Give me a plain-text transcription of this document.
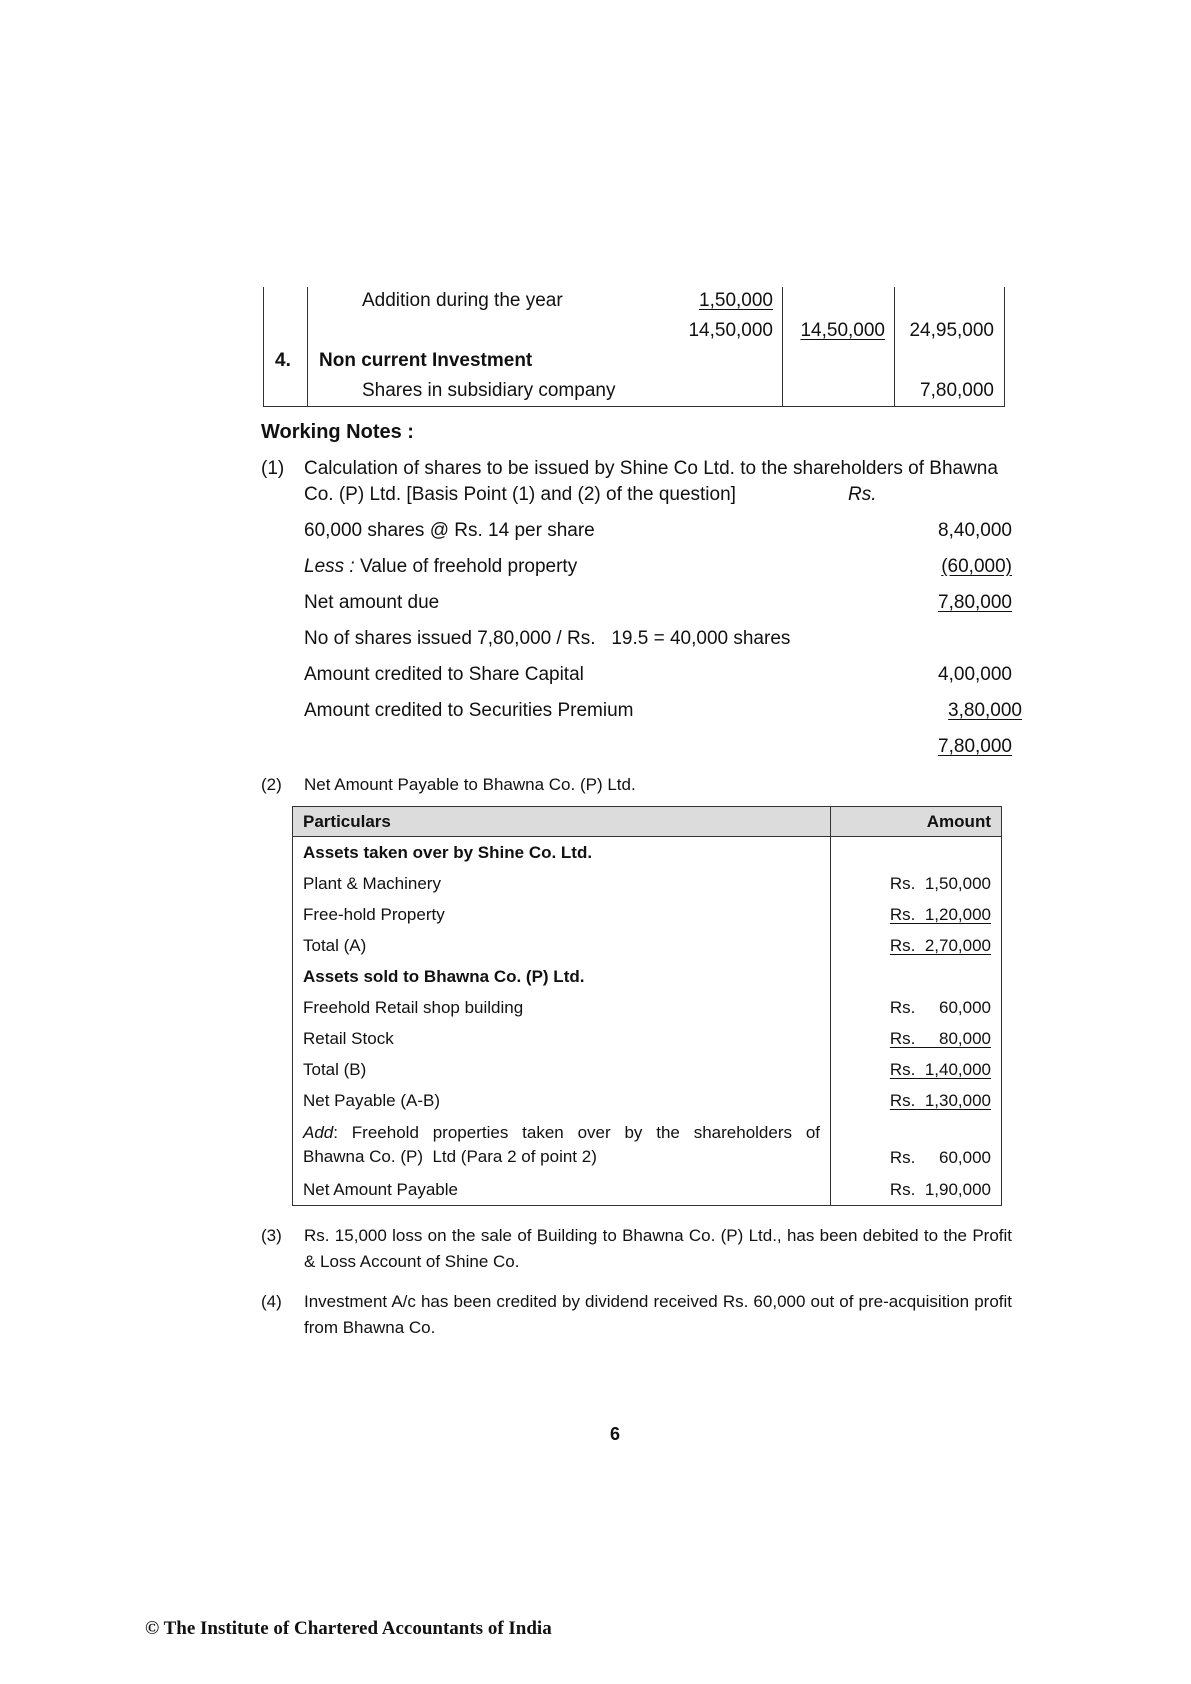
Addition during the year	1,50,000
14,50,000	14,50,000	24,95,000
4. Non current Investment
Shares in subsidiary company	7,80,000
Working Notes :
(1) Calculation of shares to be issued by Shine Co Ltd. to the shareholders of Bhawna
Co. (P) Ltd. [Basis Point (1) and (2) of the question]	Rs.
60,000 shares @ Rs. 14 per share	8,40,000
Less : Value of freehold property	(60,000)
Net amount due	7,80,000
No of shares issued 7,80,000 / Rs.   19.5 = 40,000 shares
Amount credited to Share Capital	4,00,000
Amount credited to Securities Premium	3,80,000
7,80,000
(2) Net Amount Payable to Bhawna Co. (P) Ltd.
Particulars	Amount
Assets taken over by Shine Co. Ltd.	
Plant & Machinery	Rs.  1,50,000
Free-hold Property	Rs.  1,20,000
Total (A)	Rs.  2,70,000
Assets sold to Bhawna Co. (P) Ltd.	
Freehold Retail shop building	Rs.     60,000
Retail Stock	Rs.     80,000
Total (B)	Rs.  1,40,000
Net Payable (A-B)	Rs.  1,30,000
Add:  Freehold  properties  taken  over  by  the  shareholders  of Bhawna Co. (P)  Ltd (Para 2 of point 2)	Rs.     60,000
Net Amount Payable	Rs.  1,90,000
(3) Rs. 15,000 loss on the sale of Building to Bhawna Co. (P) Ltd., has been debited to the Profit & Loss Account of Shine Co.
(4) Investment A/c has been credited by dividend received Rs. 60,000 out of pre-acquisition profit from Bhawna Co.
6
© The Institute of Chartered Accountants of India
